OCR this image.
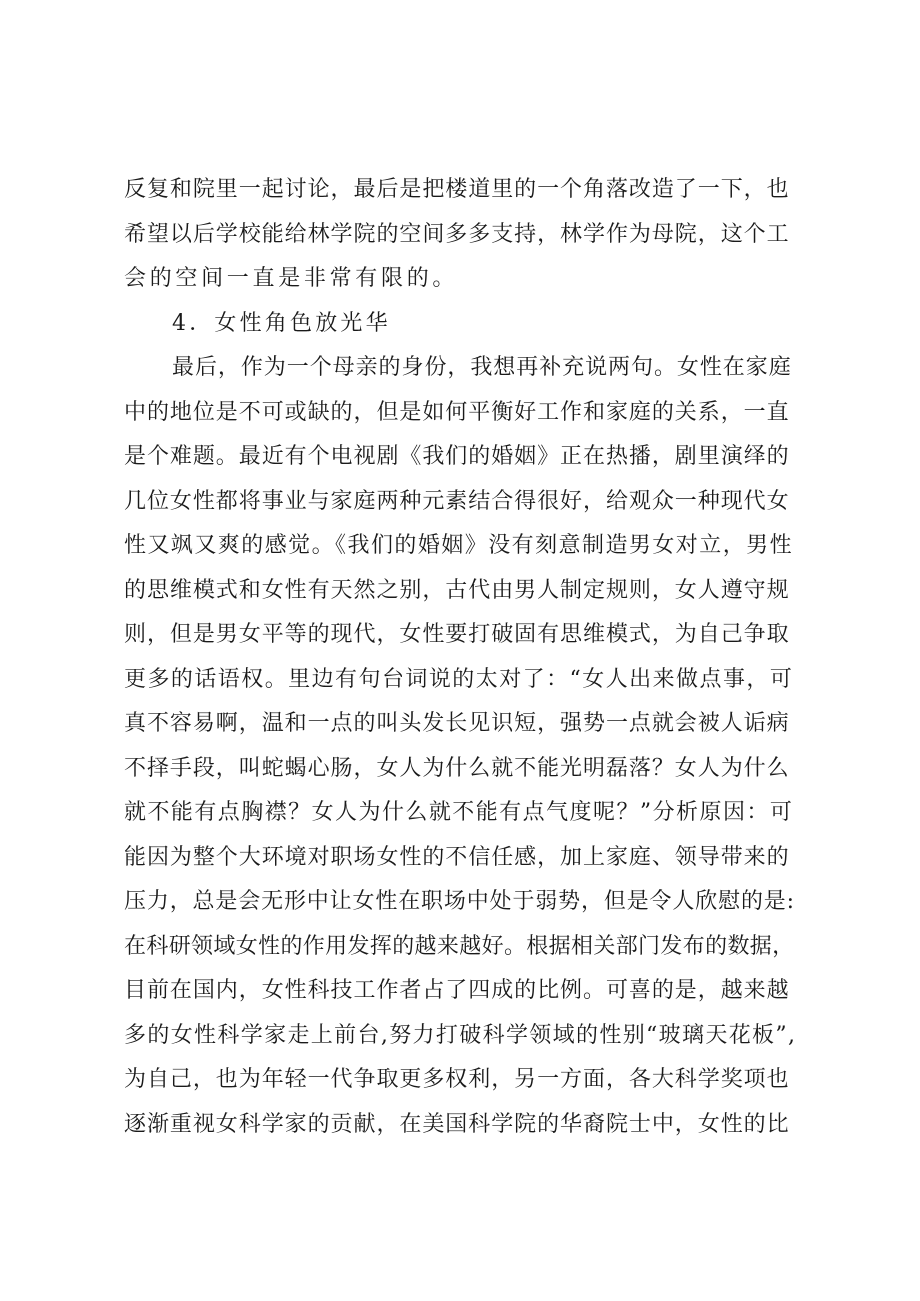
反复和院里一起讨论，最后是把楼道里的一个角落改造了一下，也
希望以后学校能给林学院的空间多多支持，林学作为母院，这个工
会的空间一直是非常有限的。
4．女性角色放光华
最后，作为一个母亲的身份，我想再补充说两句。女性在家庭
中的地位是不可或缺的，但是如何平衡好工作和家庭的关系，一直
是个难题。最近有个电视剧《我们的婚姻》正在热播，剧里演绎的
几位女性都将事业与家庭两种元素结合得很好，给观众一种现代女
性又飒又爽的感觉。《我们的婚姻》没有刻意制造男女对立，男性
的思维模式和女性有天然之别，古代由男人制定规则，女人遵守规
则，但是男女平等的现代，女性要打破固有思维模式，为自己争取
更多的话语权。里边有句台词说的太对了：“女人出来做点事，可
真不容易啊，温和一点的叫头发长见识短，强势一点就会被人诟病
不择手段，叫蛇蝎心肠，女人为什么就不能光明磊落？女人为什么
就不能有点胸襟？女人为什么就不能有点气度呢？”分析原因：可
能因为整个大环境对职场女性的不信任感，加上家庭、领导带来的
压力，总是会无形中让女性在职场中处于弱势，但是令人欣慰的是:
在科研领域女性的作用发挥的越来越好。根据相关部门发布的数据，
目前在国内，女性科技工作者占了四成的比例。可喜的是，越来越
多的女性科学家走上前台,努力打破科学领域的性别“玻璃天花板”,
为自己，也为年轻一代争取更多权利，另一方面，各大科学奖项也
逐渐重视女科学家的贡献，在美国科学院的华裔院士中，女性的比
